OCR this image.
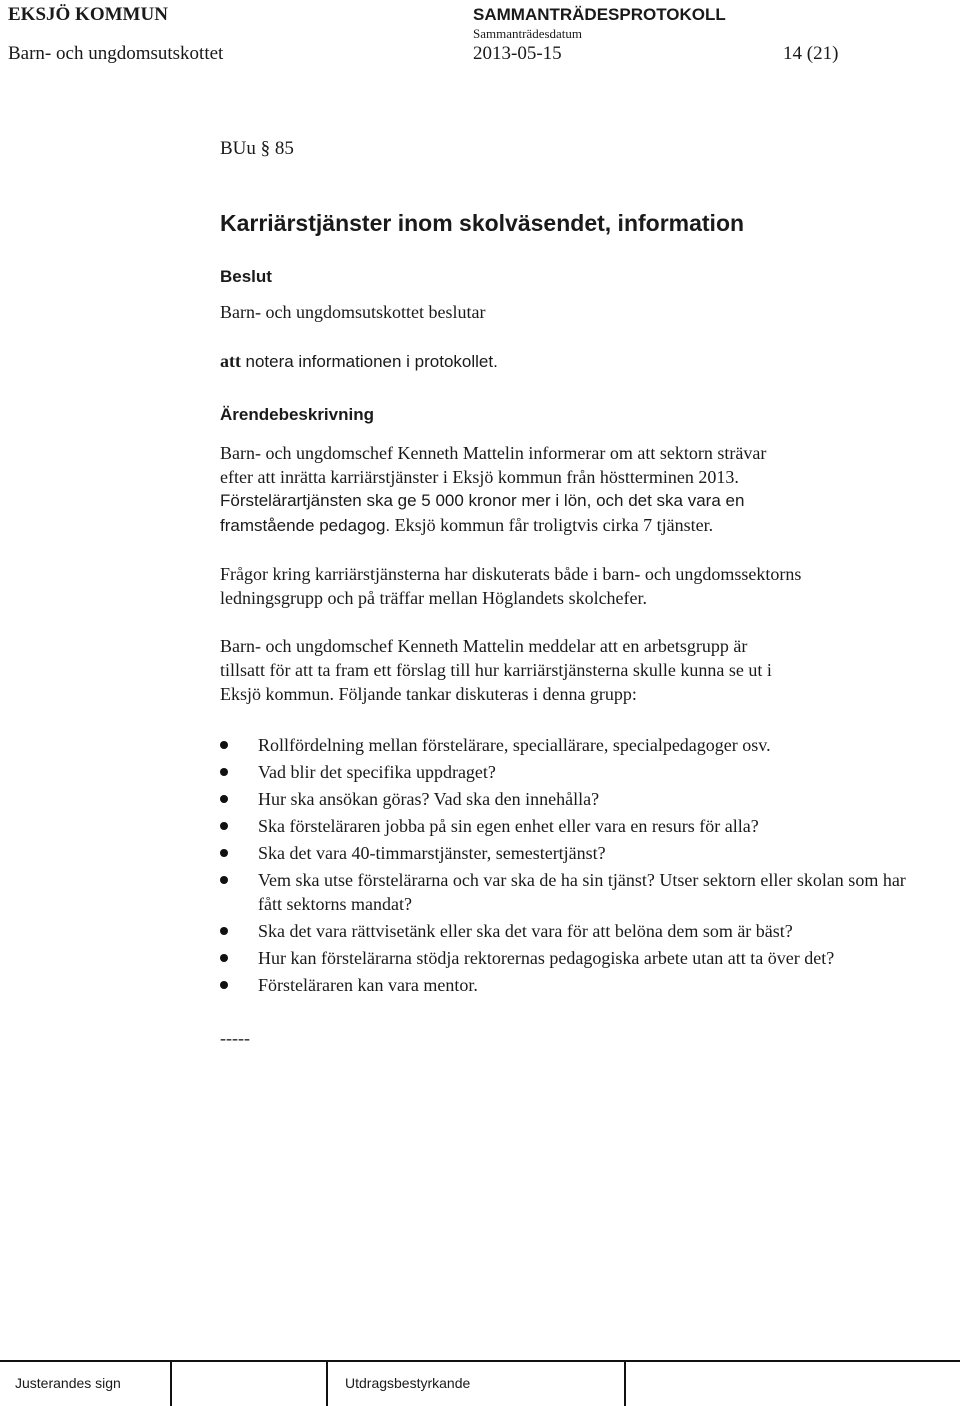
EKSJÖ KOMMUN	SAMMANTRÄDESPROTOKOLL
Sammanträdesdatum
Barn- och ungdomsutskottet	2013-05-15	14 (21)
BUu § 85
Karriärstjänster inom skolväsendet, information
Beslut
Barn- och ungdomsutskottet beslutar
att notera informationen i protokollet.
Ärendebeskrivning
Barn- och ungdomschef Kenneth Mattelin informerar om att sektorn strävar
efter att inrätta karriärstjänster i Eksjö kommun från höstterminen 2013.
Förstelärartjänsten ska ge 5 000 kronor mer i lön, och det ska vara en
framstående pedagog. Eksjö kommun får troligtvis cirka 7 tjänster.
Frågor kring karriärstjänsterna har diskuterats både i barn- och ungdomssektorns
ledningsgrupp och på träffar mellan Höglandets skolchefer.
Barn- och ungdomschef Kenneth Mattelin meddelar att en arbetsgrupp är
tillsatt för att ta fram ett förslag till hur karriärstjänsterna skulle kunna se ut i
Eksjö kommun. Följande tankar diskuteras i denna grupp:
Rollfördelning mellan förstelärare, speciallärare, specialpedagoger osv.
Vad blir det specifika uppdraget?
Hur ska ansökan göras? Vad ska den innehålla?
Ska försteläraren jobba på sin egen enhet eller vara en resurs för alla?
Ska det vara 40-timmarstjänster, semestertjänst?
Vem ska utse förstelärarna och var ska de ha sin tjänst? Utser sektorn eller skolan som har fått sektorns mandat?
Ska det vara rättvisetänk eller ska det vara för att belöna dem som är bäst?
Hur kan förstelärarna stödja rektorernas pedagogiska arbete utan att ta över det?
Försteläraren kan vara mentor.
-----
Justerandes sign	Utdragsbestyrkande
